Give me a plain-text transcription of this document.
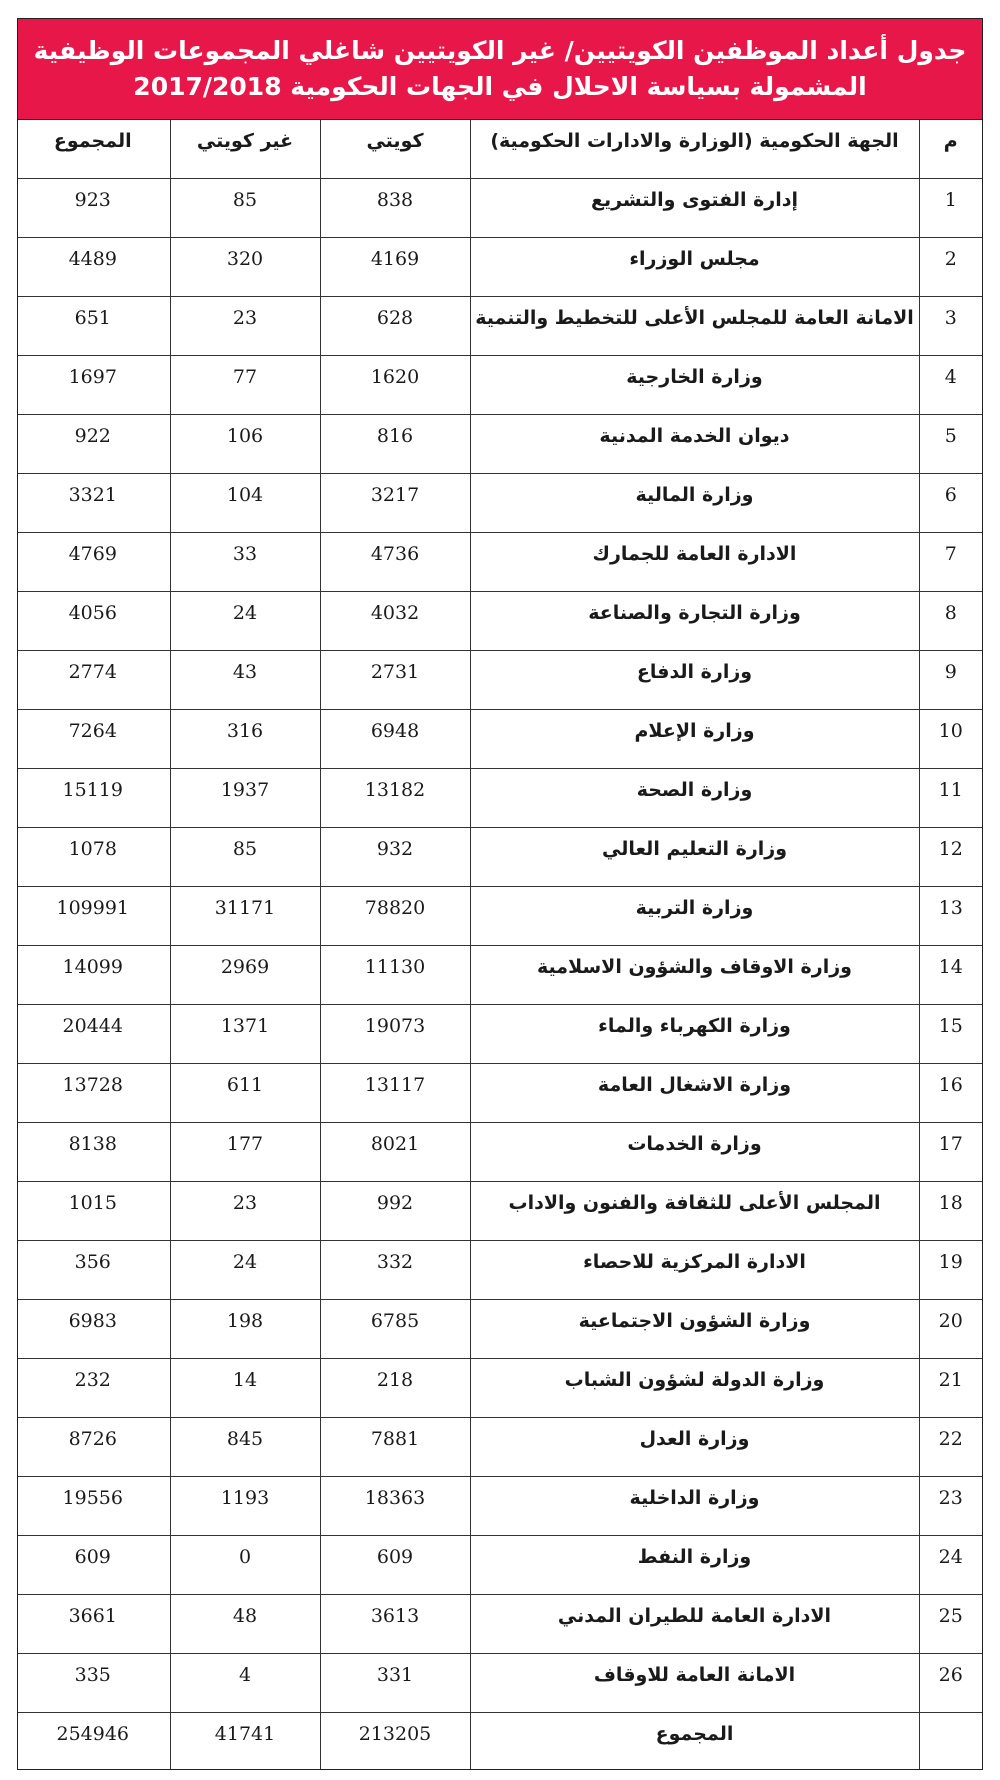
جدول أعداد الموظفين الكويتيين/ غير الكويتيين شاغلي المجموعات الوظيفية
المشمولة بسياسة الاحلال في الجهات الحكومية 2017/2018
م	الجهة الحكومية (الوزارة والادارات الحكومية)	كويتي	غير كويتي	المجموع
1	إدارة الفتوى والتشريع	838	85	923
2	مجلس الوزراء	4169	320	4489
3	الامانة العامة للمجلس الأعلى للتخطيط والتنمية	628	23	651
4	وزارة الخارجية	1620	77	1697
5	ديوان الخدمة المدنية	816	106	922
6	وزارة المالية	3217	104	3321
7	الادارة العامة للجمارك	4736	33	4769
8	وزارة التجارة والصناعة	4032	24	4056
9	وزارة الدفاع	2731	43	2774
10	وزارة الإعلام	6948	316	7264
11	وزارة الصحة	13182	1937	15119
12	وزارة التعليم العالي	932	85	1078
13	وزارة التربية	78820	31171	109991
14	وزارة الاوقاف والشؤون الاسلامية	11130	2969	14099
15	وزارة الكهرباء والماء	19073	1371	20444
16	وزارة الاشغال العامة	13117	611	13728
17	وزارة الخدمات	8021	177	8138
18	المجلس الأعلى للثقافة والفنون والاداب	992	23	1015
19	الادارة المركزية للاحصاء	332	24	356
20	وزارة الشؤون الاجتماعية	6785	198	6983
21	وزارة الدولة لشؤون الشباب	218	14	232
22	وزارة العدل	7881	845	8726
23	وزارة الداخلية	18363	1193	19556
24	وزارة النفط	609	0	609
25	الادارة العامة للطيران المدني	3613	48	3661
26	الامانة العامة للاوقاف	331	4	335
	المجموع	213205	41741	254946
